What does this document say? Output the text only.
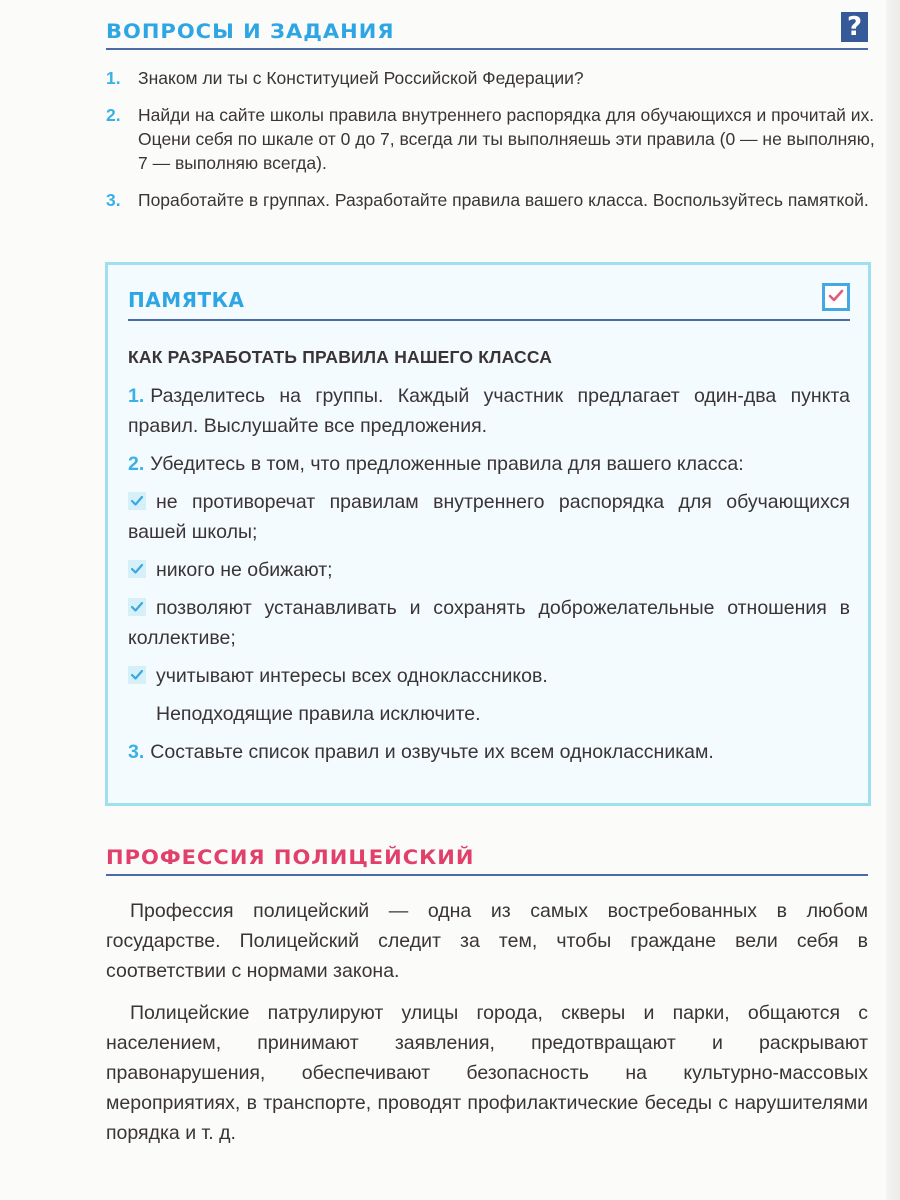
ВОПРОСЫ И ЗАДАНИЯ	?
1. Знаком ли ты с Конституцией Российской Федерации?
2. Найди на сайте школы правила внутреннего распорядка для обучающихся и прочитай их. Оцени себя по шкале от 0 до 7, всегда ли ты выполняешь эти правила (0 — не выполняю, 7 — выполняю всегда).
3. Поработайте в группах. Разработайте правила вашего класса. Воспользуйтесь памяткой.
ПАМЯТКА
КАК РАЗРАБОТАТЬ ПРАВИЛА НАШЕГО КЛАССА
1. Разделитесь на группы. Каждый участник предлагает один-два пункта правил. Выслушайте все предложения.
2. Убедитесь в том, что предложенные правила для вашего класса:
не противоречат правилам внутреннего распорядка для обучающихся вашей школы;
никого не обижают;
позволяют устанавливать и сохранять доброжелательные отношения в коллективе;
учитывают интересы всех одноклассников.
Неподходящие правила исключите.
3. Составьте список правил и озвучьте их всем одноклассникам.
ПРОФЕССИЯ ПОЛИЦЕЙСКИЙ

Профессия полицейский — одна из самых востребованных в любом государстве. Полицейский следит за тем, чтобы граждане вели себя в соответствии с нормами закона.

Полицейские патрулируют улицы города, скверы и парки, общаются с населением, принимают заявления, предотвращают и раскрывают правонарушения, обеспечивают безопасность на культурно-массовых мероприятиях, в транспорте, проводят профилактические беседы с нарушителями порядка и т. д.
